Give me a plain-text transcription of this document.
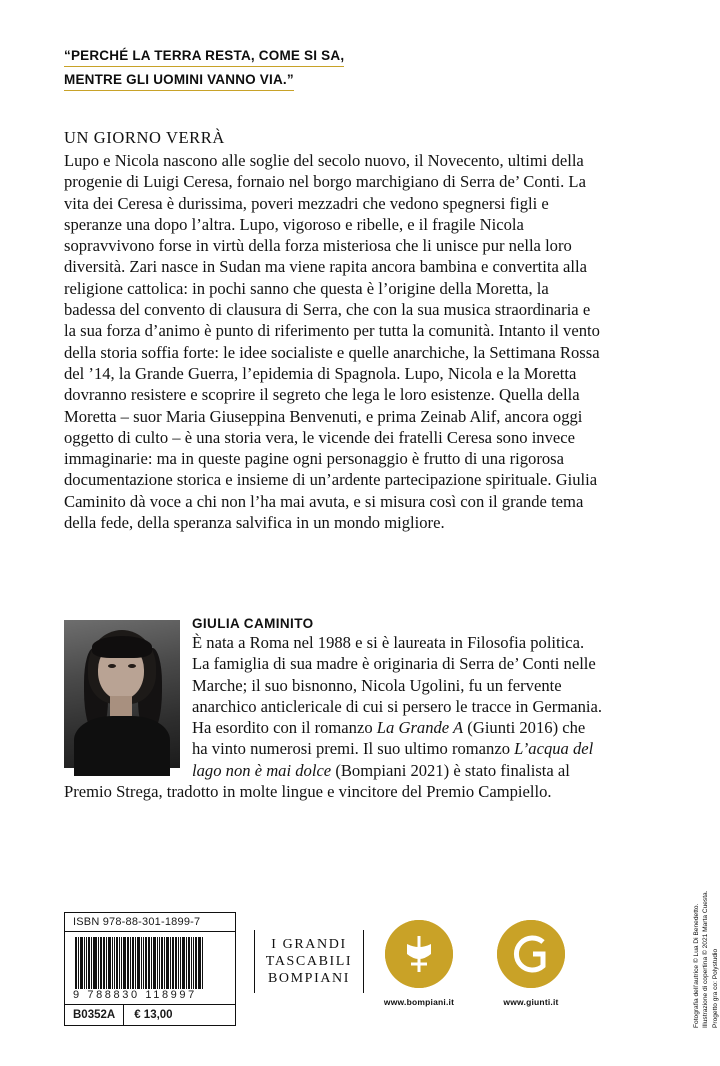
“PERCHÉ LA TERRA RESTA, COME SI SA,
MENTRE GLI UOMINI VANNO VIA.”
UN GIORNO VERRÀ

Lupo e Nicola nascono alle soglie del secolo nuovo, il Novecento, ultimi della progenie di Luigi Ceresa, fornaio nel borgo marchigiano di Serra de’ Conti. La vita dei Ceresa è durissima, poveri mezzadri che vedono spegnersi figli e speranze una dopo l’altra. Lupo, vigoroso e ribelle, e il fragile Nicola sopravvivono forse in virtù della forza misteriosa che li unisce pur nella loro diversità. Zari nasce in Sudan ma viene rapita ancora bambina e convertita alla religione cattolica: in pochi sanno che questa è l’origine della Moretta, la badessa del convento di clausura di Serra, che con la sua musica straordinaria e la sua forza d’animo è punto di riferimento per tutta la comunità. Intanto il vento della storia soffia forte: le idee socialiste e quelle anarchiche, la Settimana Rossa del ’14, la Grande Guerra, l’epidemia di Spagnola. Lupo, Nicola e la Moretta dovranno resistere e scoprire il segreto che lega le loro esistenze. Quella della Moretta – suor Maria Giuseppina Benvenuti, e prima Zeinab Alif, ancora oggi oggetto di culto – è una storia vera, le vicende dei fratelli Ceresa sono invece immaginarie: ma in queste pagine ogni personaggio è frutto di una rigorosa documentazione storica e insieme di un’ardente partecipazione spirituale. Giulia Caminito dà voce a chi non l’ha mai avuta, e si misura così con il grande tema della fede, della speranza salvifica in un mondo migliore.

GIULIA CAMINITO

È nata a Roma nel 1988 e si è laureata in Filosofia politica. La famiglia di sua madre è originaria di Serra de’ Conti nelle Marche; il suo bisnonno, Nicola Ugolini, fu un fervente anarchico anticlericale di cui si persero le tracce in Germania. Ha esordito con il romanzo La Grande A (Giunti 2016) che ha vinto numerosi premi. Il suo ultimo romanzo L’acqua del lago non è mai dolce (Bompiani 2021) è stato finalista al Premio Strega, tradotto in molte lingue e vincitore del Premio Campiello.

ISBN 978-88-301-1899-7
9 788830 118997
B0352A	€ 13,00
I GRANDI
TASCABILI
BOMPIANI
www.bompiani.it	www.giunti.it	Fotografia dell’autrice © Lua Di Benedetto. Illustrazione di copertina © 2021 Marta Cuesta. Progetto gra co: Polystudio
